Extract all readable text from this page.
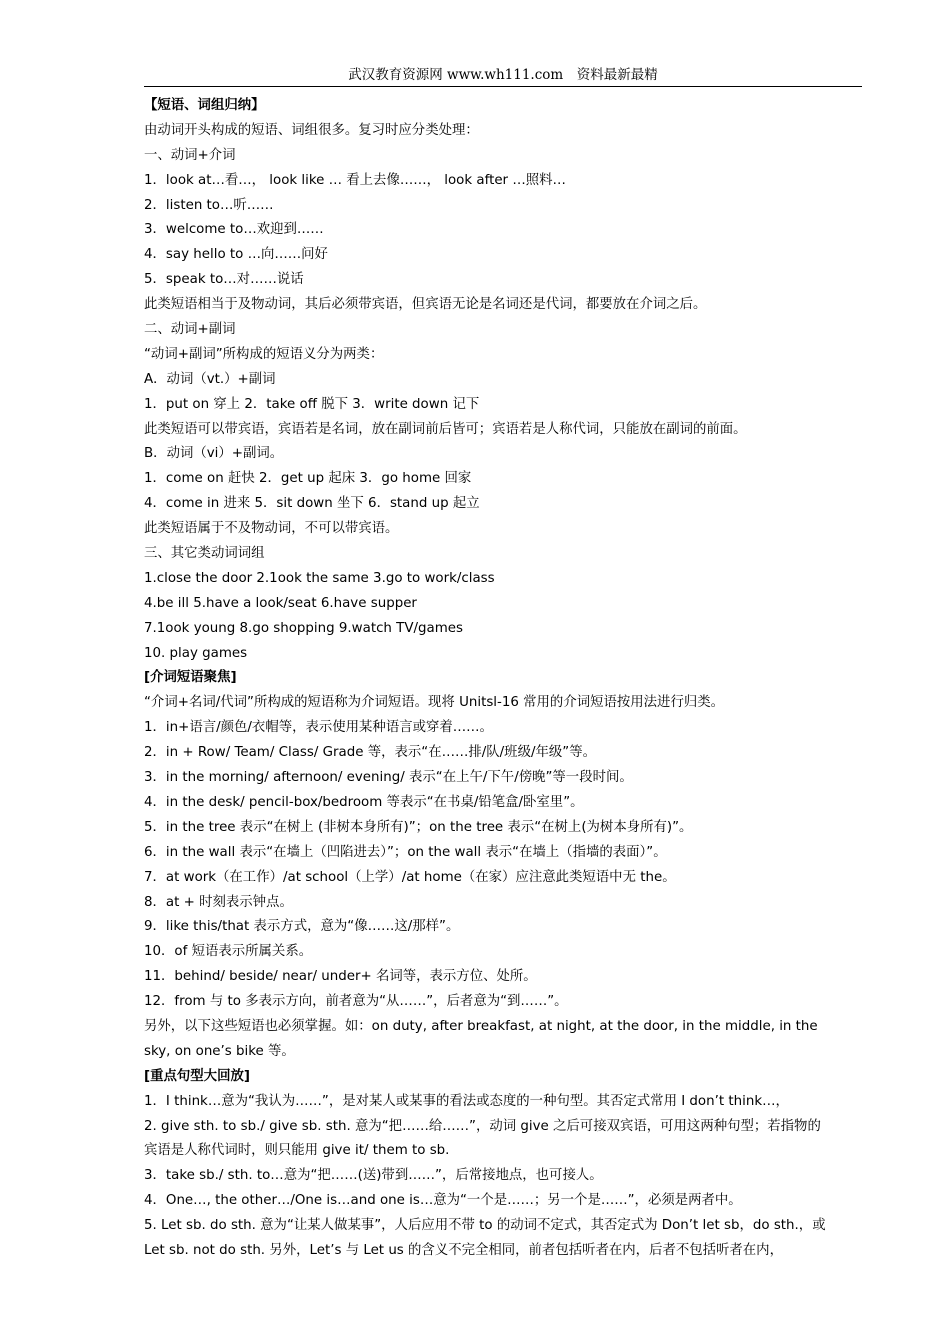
武汉教育资源网 www.wh111.com　资料最新最精
【短语、词组归纳】
由动词开头构成的短语、词组很多。复习时应分类处理：
一、动词+介词
1．look at…看…， look like … 看上去像……， look after …照料…
2．listen to…听……
3．welcome to…欢迎到……
4．say hello to …向……问好
5．speak to…对……说话
此类短语相当于及物动词，其后必须带宾语，但宾语无论是名词还是代词，都要放在介词之后。
二、动词+副词
“动词+副词”所构成的短语义分为两类：
A．动词（vt.）+副词
1．put on 穿上 2．take off 脱下 3．write down 记下
此类短语可以带宾语，宾语若是名词，放在副词前后皆可；宾语若是人称代词，只能放在副词的前面。
B．动词（vi）+副词。
1．come on 赶快 2．get up 起床 3．go home 回家
4．come in 进来 5．sit down 坐下 6．stand up 起立
此类短语属于不及物动词，不可以带宾语。
三、其它类动词词组
1.close the door 2.1ook the same 3.go to work/class
4.be ill 5.have a look/seat 6.have supper
7.1ook young 8.go shopping 9.watch TV/games
10. play games
[介词短语聚焦]
“介词+名词/代词”所构成的短语称为介词短语。现将 Unitsl-16 常用的介词短语按用法进行归类。
1．in+语言/颜色/衣帽等，表示使用某种语言或穿着……。
2．in + Row/ Team/ Class/ Grade 等，表示“在……排/队/班级/年级”等。
3．in the morning/ afternoon/ evening/ 表示“在上午/下午/傍晚”等一段时间。
4．in the desk/ pencil-box/bedroom 等表示“在书桌/铅笔盒/卧室里”。
5．in the tree 表示“在树上 (非树本身所有)”；on the tree 表示“在树上(为树本身所有)”。
6．in the wall 表示“在墙上（凹陷进去）”；on the wall 表示“在墙上（指墙的表面）”。
7．at work（在工作）/at school（上学）/at home（在家）应注意此类短语中无 the。
8．at + 时刻表示钟点。
9．like this/that 表示方式，意为“像……这/那样”。
10．of 短语表示所属关系。
11．behind/ beside/ near/ under+ 名词等，表示方位、处所。
12．from 与 to 多表示方向，前者意为“从……”，后者意为“到……”。
另外，以下这些短语也必须掌握。如：on duty, after breakfast, at night, at the door, in the middle, in the
sky, on one’s bike 等。
[重点句型大回放]
1．I think…意为“我认为……”，是对某人或某事的看法或态度的一种句型。其否定式常用 I don’t think…，
2. give sth. to sb./ give sb. sth. 意为“把……给……”，动词 give 之后可接双宾语，可用这两种句型；若指物的
宾语是人称代词时，则只能用 give it/ them to sb.
3．take sb./ sth. to…意为“把……(送)带到……”，后常接地点，也可接人。
4．One…, the other…/One is…and one is…意为“一个是……；另一个是……”，必须是两者中。
5. Let sb. do sth. 意为“让某人做某事”，人后应用不带 to 的动词不定式，其否定式为 Don’t let sb，do sth.，或
Let sb. not do sth. 另外，Let’s 与 Let us 的含义不完全相同，前者包括听者在内，后者不包括听者在内，
